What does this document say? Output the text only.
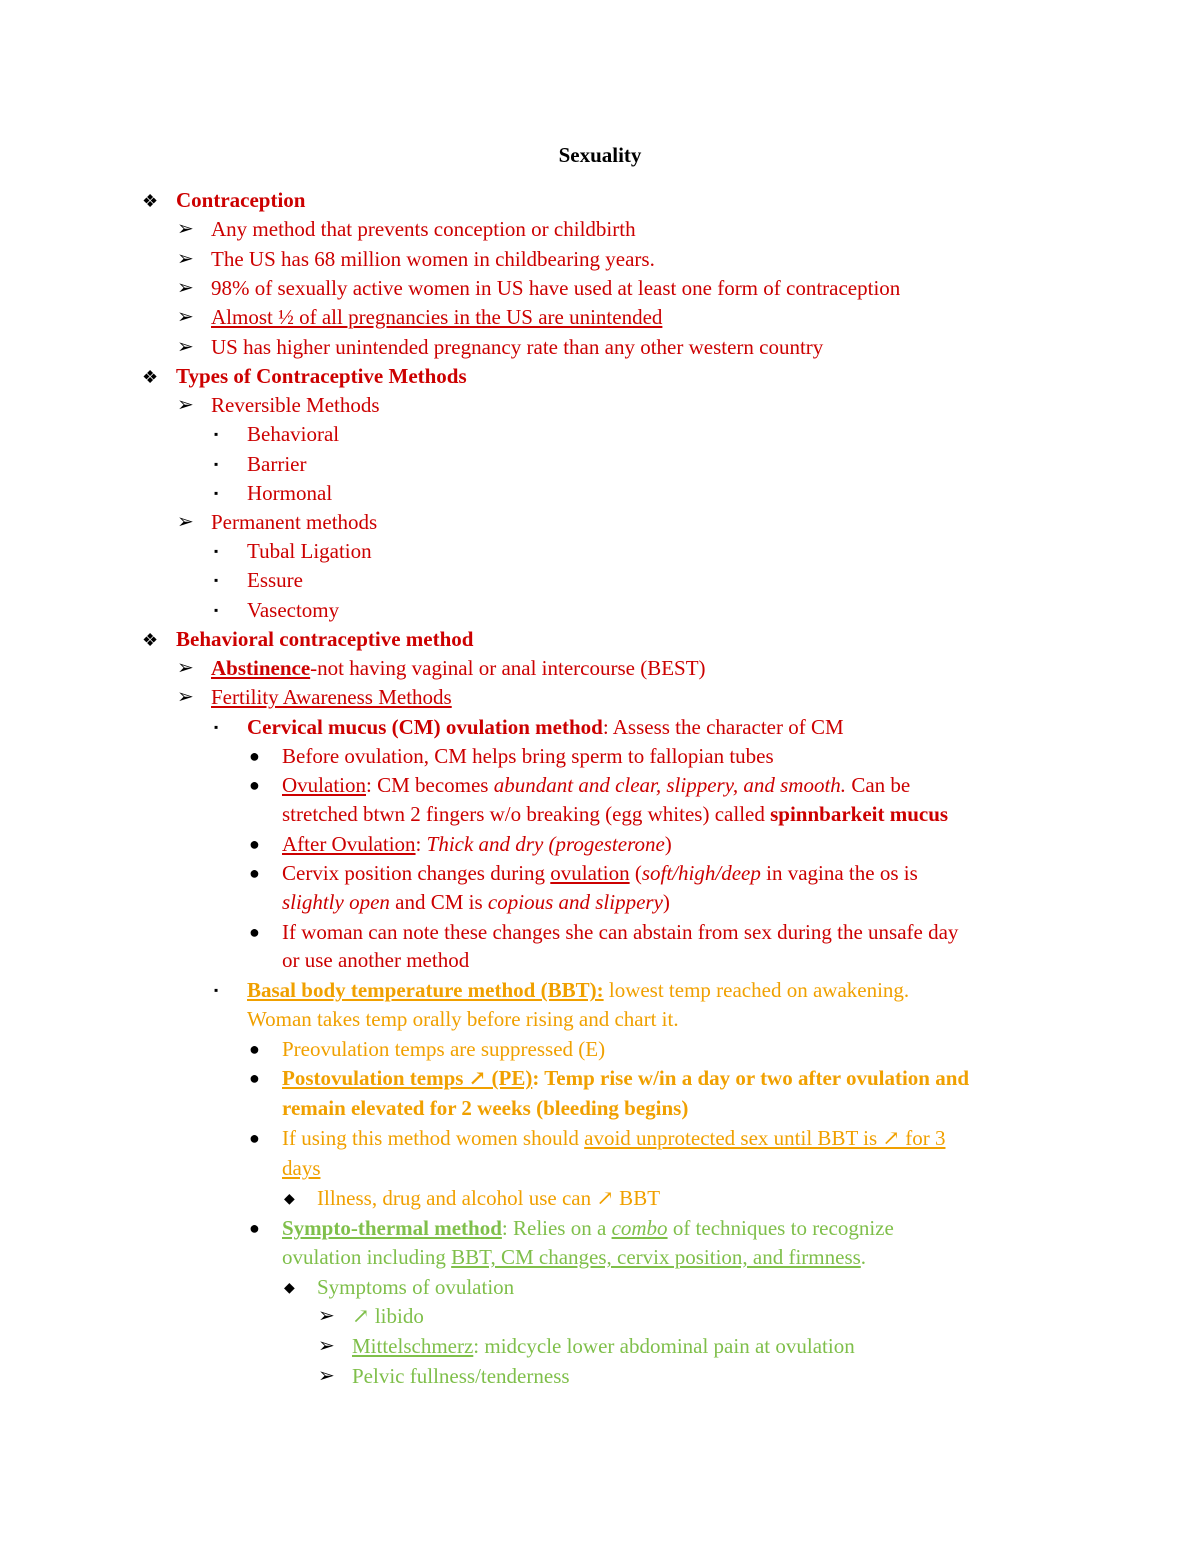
Sexuality
❖ Contraception
➢ Any method that prevents conception or childbirth
➢ The US has 68 million women in childbearing years.
➢ 98% of sexually active women in US have used at least one form of contraception
➢ Almost ½ of all pregnancies in the US are unintended
➢ US has higher unintended pregnancy rate than any other western country
❖ Types of Contraceptive Methods
➢ Reversible Methods
▪ Behavioral
▪ Barrier
▪ Hormonal
➢ Permanent methods
▪ Tubal Ligation
▪ Essure
▪ Vasectomy
❖ Behavioral contraceptive method
➢ Abstinence-not having vaginal or anal intercourse (BEST)
➢ Fertility Awareness Methods
▪ Cervical mucus (CM) ovulation method: Assess the character of CM
● Before ovulation, CM helps bring sperm to fallopian tubes
● Ovulation: CM becomes abundant and clear, slippery, and smooth. Can be
stretched btwn 2 fingers w/o breaking (egg whites) called spinnbarkeit mucus
● After Ovulation: Thick and dry (progesterone)
● Cervix position changes during ovulation (soft/high/deep in vagina the os is
slightly open and CM is copious and slippery)
● If woman can note these changes she can abstain from sex during the unsafe day
or use another method
▪ Basal body temperature method (BBT): lowest temp reached on awakening.
Woman takes temp orally before rising and chart it.
● Preovulation temps are suppressed (E)
● Postovulation temps ↗ (PE): Temp rise w/in a day or two after ovulation and
remain elevated for 2 weeks (bleeding begins)
● If using this method women should avoid unprotected sex until BBT is ↗ for 3
days
◆ Illness, drug and alcohol use can ↗ BBT
● Sympto-thermal method: Relies on a combo of techniques to recognize
ovulation including BBT, CM changes, cervix position, and firmness.
◆ Symptoms of ovulation
➢ ↗ libido
➢ Mittelschmerz: midcycle lower abdominal pain at ovulation
➢ Pelvic fullness/tenderness
